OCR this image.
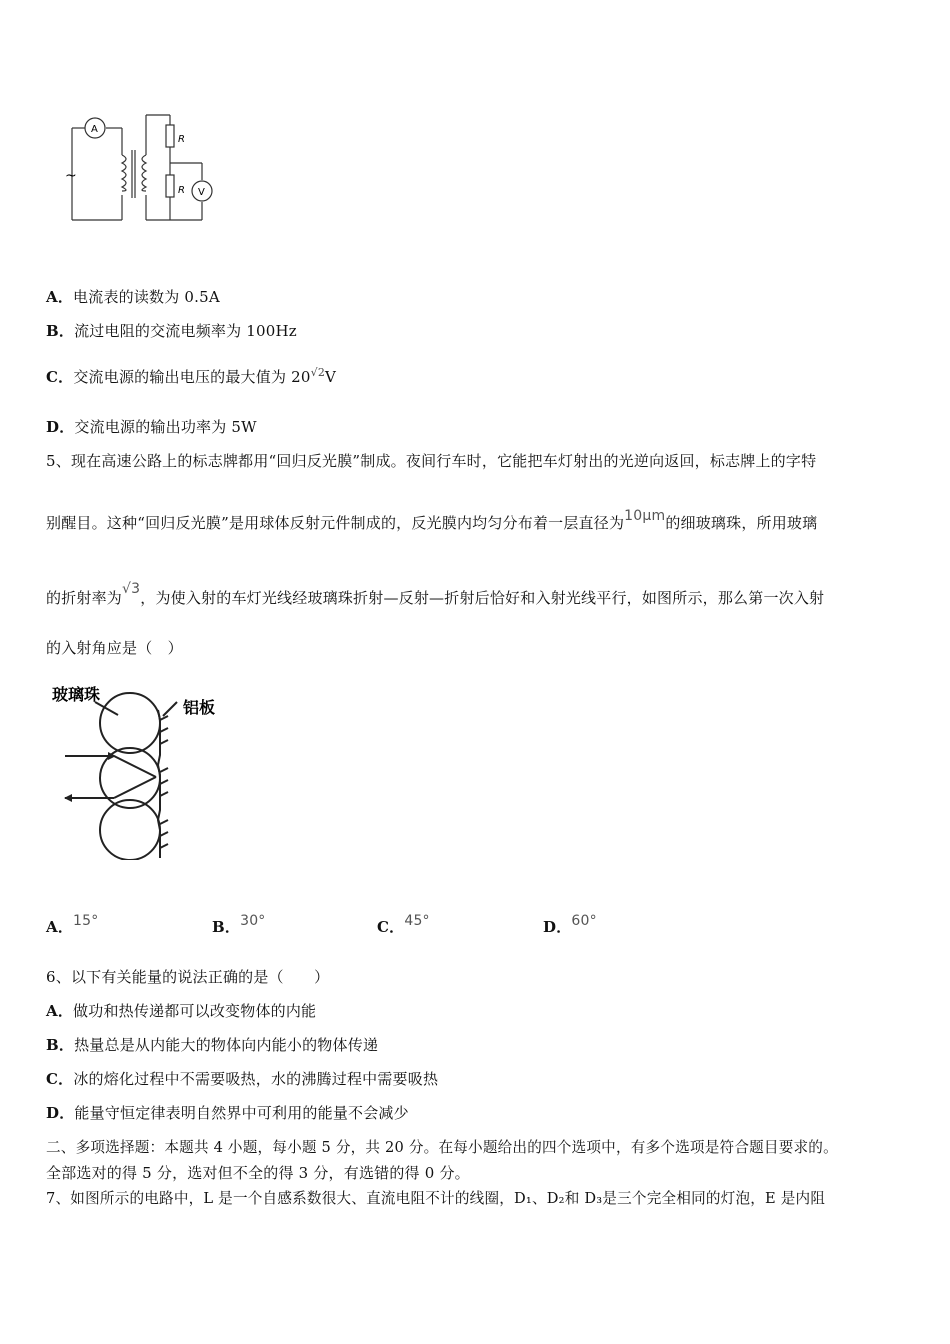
A
V
R
R
~
A．电流表的读数为 0.5A
B．流过电阻的交流电频率为 100Hz
C．交流电源的输出电压的最大值为 $20^{√2}V$
D．交流电源的输出功率为 5W
5、现在高速公路上的标志牌都用“回归反光膜”制成。夜间行车时，它能把车灯射出的光逆向返回，标志牌上的字特
别醒目。这种“回归反光膜”是用球体反射元件制成的，反光膜内均匀分布着一层直径为10μm的细玻璃珠，所用玻璃
的折射率为√3，为使入射的车灯光线经玻璃珠折射—反射—折射后恰好和入射光线平行，如图所示，那么第一次入射
的入射角应是（　）
玻璃珠
铝板
A．15°	B．30°	C．45°	D．60°
6、以下有关能量的说法正确的是（　　）
A．做功和热传递都可以改变物体的内能
B．热量总是从内能大的物体向内能小的物体传递
C．冰的熔化过程中不需要吸热，水的沸腾过程中需要吸热
D．能量守恒定律表明自然界中可利用的能量不会减少
二、多项选择题：本题共 4 小题，每小题 5 分，共 20 分。在每小题给出的四个选项中，有多个选项是符合题目要求的。
全部选对的得 5 分，选对但不全的得 3 分，有选错的得 0 分。
7、如图所示的电路中，L 是一个自感系数很大、直流电阻不计的线圈，D₁、D₂和 D₃是三个完全相同的灯泡，E 是内阻
